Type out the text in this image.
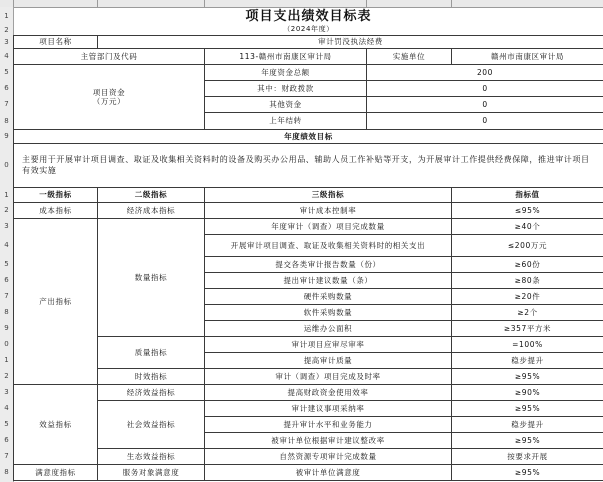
1
2
3
4
5
6
7
8
9
0
1
2
3
4
5
6
7
8
9
0
1
2
3
4
5
6
7
8
项目支出绩效目标表				
（2024年度）				
项目名称	审计罚没执法经费			
主管部门及代码		113-赣州市南康区审计局	实施单位	赣州市南康区审计局
项目资金
（万元）		年度资金总额	200	
		其中：财政拨款	0	
		其他资金	0	
		上年结转	0	
年度绩效目标				
主要用于开展审计项目调查、取证及收集相关资料时的设备及购买办公用品、辅助人员工作补贴等开支，为开展审计工作提供经费保障，推进审计项目有效实施				
一级指标	二级指标	三级指标		指标值
成本指标	经济成本指标	审计成本控制率		≤95%
产出指标	数量指标	年度审计（调查）项目完成数量		≥40个
		开展审计项目调查、取证及收集相关资料时的相关支出		≤200万元
		提交各类审计报告数量（份）		≥60份
		提出审计建议数量（条）		≥80条
		硬件采购数量		≥20件
		软件采购数量		≥2个
		运维办公面积		≥357平方米
	质量指标	审计项目应审尽审率		=100%
		提高审计质量		稳步提升
	时效指标	审计（调查）项目完成及时率		≥95%
效益指标	经济效益指标	提高财政资金使用效率		≥90%
	社会效益指标	审计建议事项采纳率		≥95%
		提升审计水平和业务能力		稳步提升
		被审计单位根据审计建议整改率		≥95%
	生态效益指标	自然资源专项审计完成数量		按要求开展
满意度指标	服务对象满意度	被审计单位满意度		≥95%
